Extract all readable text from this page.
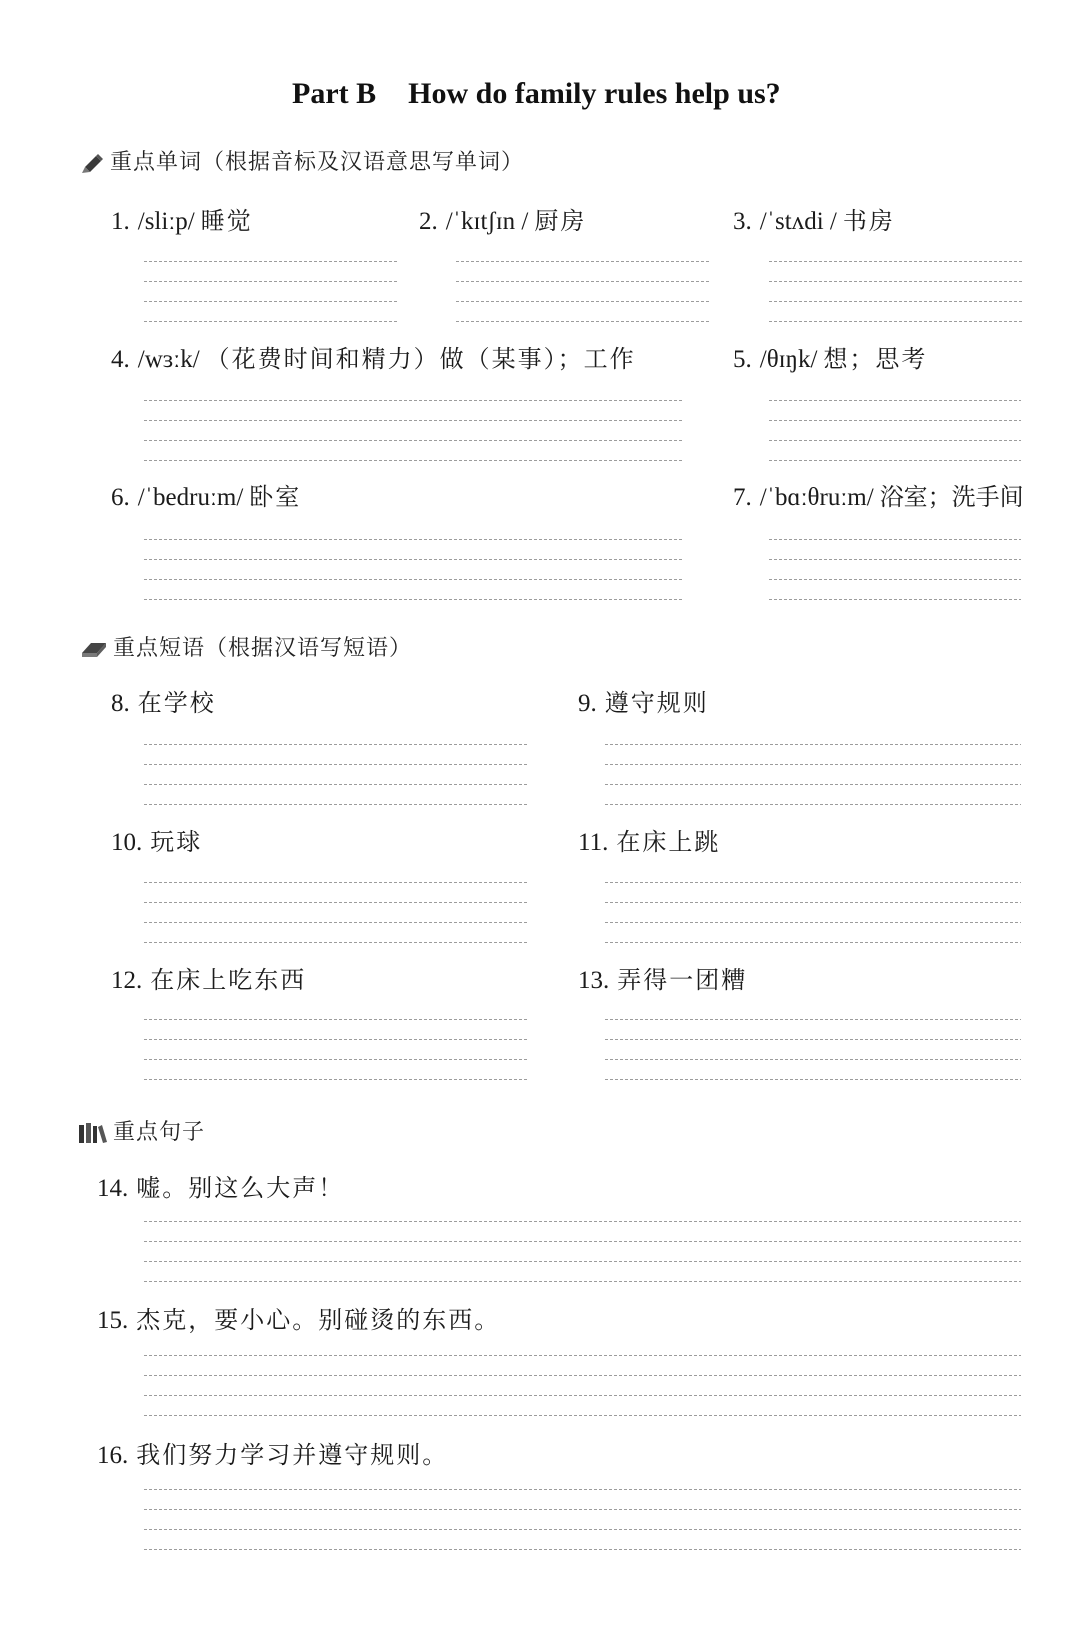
Part B How do family rules help us?
重点单词（根据音标及汉语意思写单词）
1. /sliːp/ 睡觉	2. /ˈkɪtʃɪn / 厨房	3. /ˈstʌdi / 书房
4. /wɜːk/ （花费时间和精力）做（某事）；工作	5. /θɪŋk/ 想；思考
6. /ˈbedruːm/ 卧室	7. /ˈbɑːθruːm/ 浴室；洗手间
重点短语（根据汉语写短语）
8. 在学校	9. 遵守规则
10. 玩球	11. 在床上跳
12. 在床上吃东西	13. 弄得一团糟
重点句子
14. 嘘。别这么大声！
15. 杰克，要小心。别碰烫的东西。
16. 我们努力学习并遵守规则。
